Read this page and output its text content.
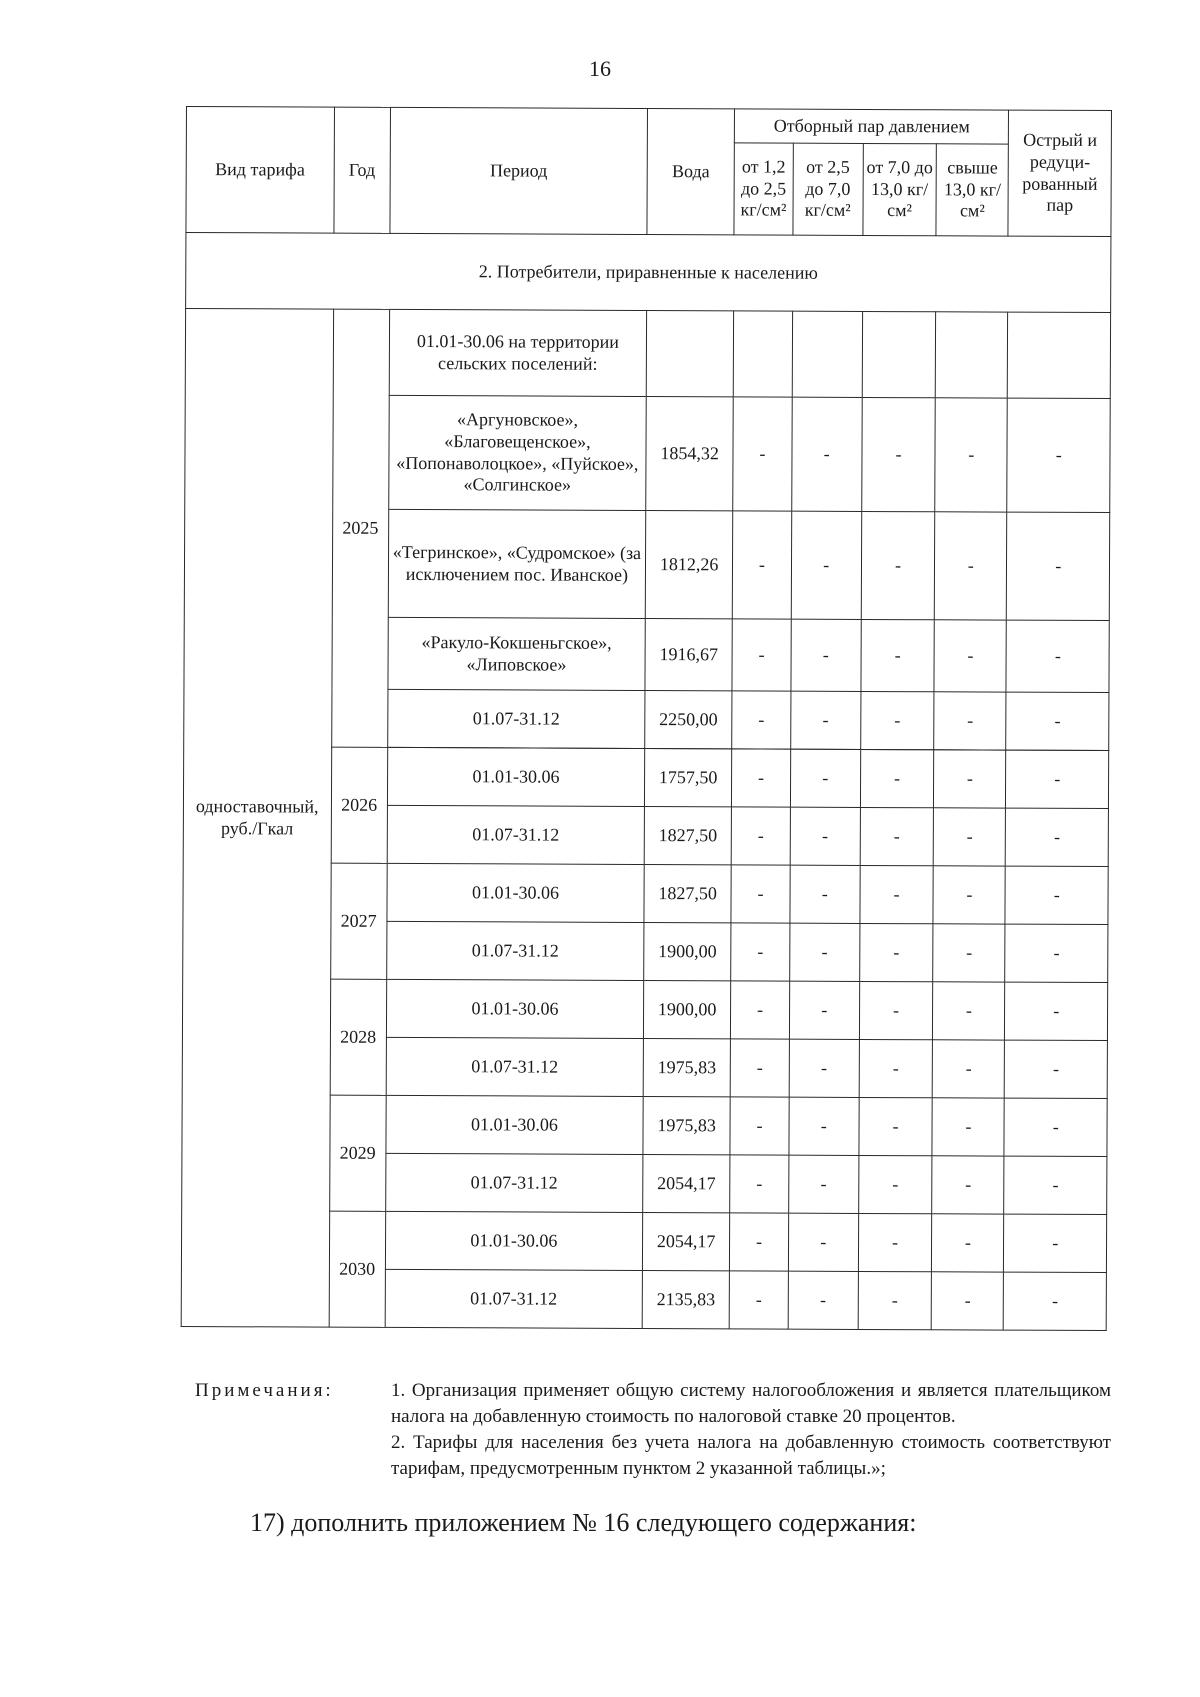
16
Вид тарифа	Год	Период	Вода	Отборный пар давлением				Острый и редуци-рованный пар
				от 1,2 до 2,5 кг/см²	от 2,5 до 7,0 кг/см²	от 7,0 до 13,0 кг/см²	свыше 13,0 кг/см²	
2. Потребители, приравненные к населению								
одноставочный, руб./Гкал	2025	01.01-30.06 на территории сельских поселений:						
		«Аргуновское», «Благовещенское», «Попонаволоцкое», «Пуйское», «Солгинское»	1854,32	-	-	-	-	-
		«Тегринское», «Судромское» (за исключением пос. Иванское)	1812,26	-	-	-	-	-
		«Ракуло-Кокшеньгское», «Липовское»	1916,67	-	-	-	-	-
		01.07-31.12	2250,00	-	-	-	-	-

	2026	01.01-30.06	1757,50	-	-	-	-	-
		01.07-31.12	1827,50	-	-	-	-	-
	2027	01.01-30.06	1827,50	-	-	-	-	-
		01.07-31.12	1900,00	-	-	-	-	-
	2028	01.01-30.06	1900,00	-	-	-	-	-
		01.07-31.12	1975,83	-	-	-	-	-
	2029	01.01-30.06	1975,83	-	-	-	-	-
		01.07-31.12	2054,17	-	-	-	-	-
	2030	01.01-30.06	2054,17	-	-	-	-	-
		01.07-31.12	2135,83	-	-	-	-	-
Примечания:	1. Организация применяет общую систему налогообложения и является плательщиком налога на добавленную стоимость по налоговой ставке 20 процентов.

2. Тарифы для населения без учета налога на добавленную стоимость соответствуют тарифам, предусмотренным пунктом 2 указанной таблицы.»;

17) дополнить приложением № 16 следующего содержания:
